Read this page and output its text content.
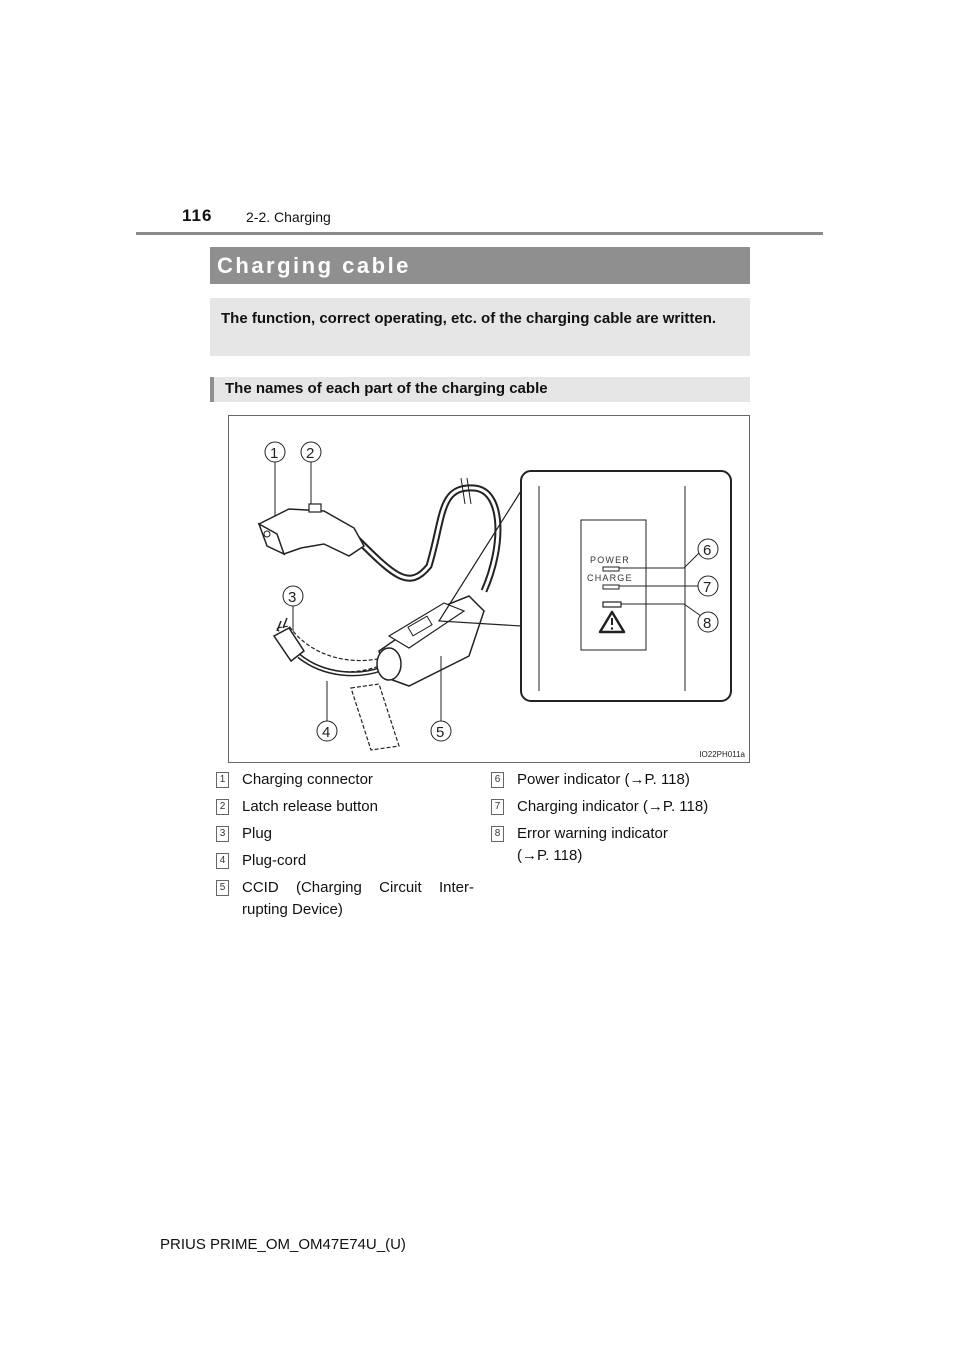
116 2-2. Charging
Charging cable
The function, correct operating, etc. of the charging cable are written.
The names of each part of the charging cable
POWER
CHARGE
1 2
3
4	5
6
7
8
IO22PH011a
1 Charging connector
2 Latch release button
3 Plug
4 Plug-cord
5 CCID (Charging Circuit Inter-
rupting Device)
6 Power indicator (→P. 118)
7 Charging indicator (→P. 118)
8 Error warning indicator
(→P. 118)
PRIUS PRIME_OM_OM47E74U_(U)
